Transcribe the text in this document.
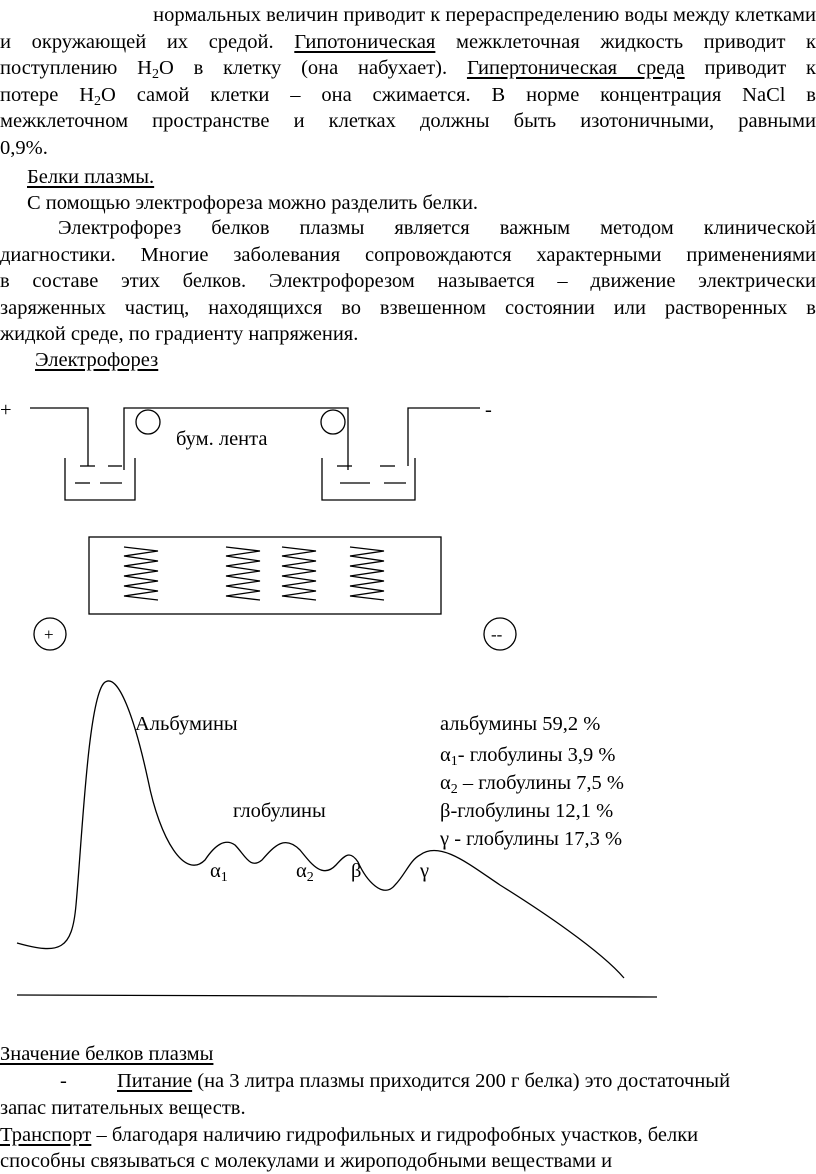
нормальных величин приводит к перераспределению воды между клетками
и окружающей их средой. Гипотоническая межклеточная жидкость приводит к
поступлению $Н_2О$ в клетку (она набухает). Гипертоническая среда приводит к
потере $Н_2О$ самой клетки – она сжимается. В норме концентрация NaCl в
межклеточном пространстве и клетках должны быть изотоничными, равными
0,9%.
Белки плазмы.
С помощью электрофореза можно разделить белки.
Электрофорез белков плазмы является важным методом клинической
диагностики. Многие заболевания сопровождаются характерными применениями
в составе этих белков. Электрофорезом называется – движение электрически
заряженных частиц, находящихся во взвешенном состоянии или растворенных в
жидкой среде, по градиенту напряжения.
Электрофорез
+	-
бум. лента
+	--
Альбумины
глобулины
$\alpha_1$	$\alpha_2$ β	γ
альбумины 59,2 %
$\alpha_1-$ глобулины 3,9 %
$\alpha_2$ – глобулины 7,5 %
β-глобулины 12,1 %
γ - глобулины 17,3 %
Значение белков плазмы
- Питание (на 3 литра плазмы приходится 200 г белка) это достаточный
запас питательных веществ.
Транспорт – благодаря наличию гидрофильных и гидрофобных участков, белки
способны связываться с молекулами и жироподобными веществами и
